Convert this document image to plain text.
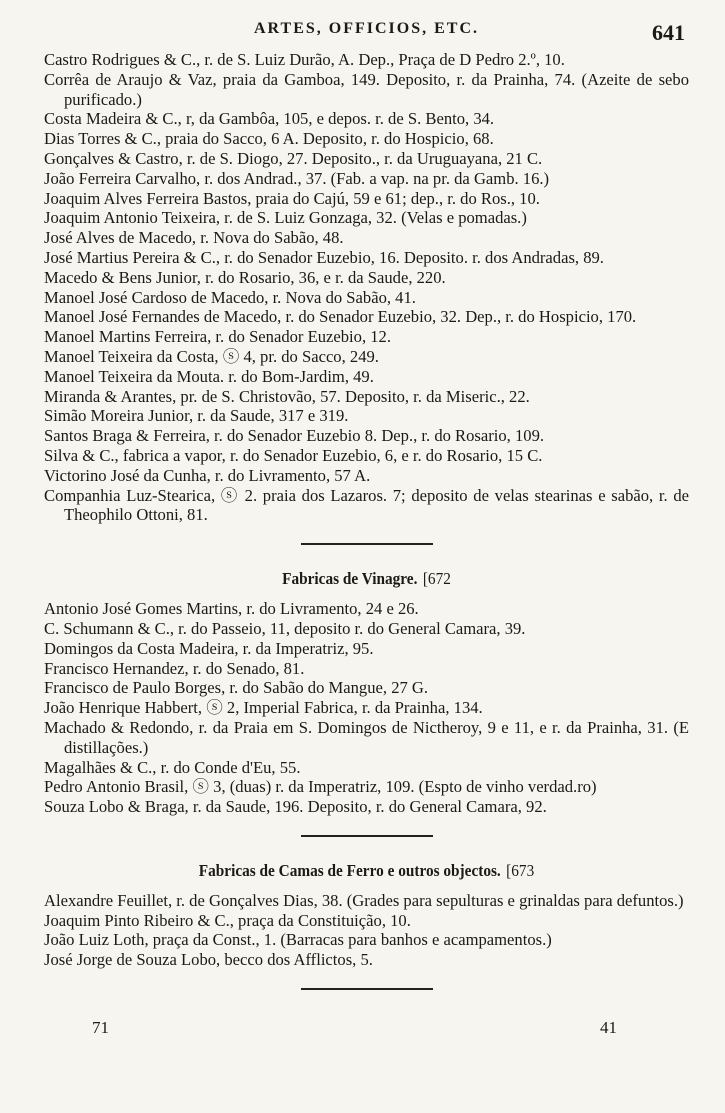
ARTES, OFFICIOS, ETC.	641
Castro Rodrigues & C., r. de S. Luiz Durão, A. Dep., Praça de D Pedro 2.º, 10.
Corrêa de Araujo & Vaz, praia da Gamboa, 149. Deposito, r. da Prainha, 74. (Azeite de sebo purificado.)
Costa Madeira & C., r, da Gambôa, 105, e depos. r. de S. Bento, 34.
Dias Torres & C., praia do Sacco, 6 A. Deposito, r. do Hospicio, 68.
Gonçalves & Castro, r. de S. Diogo, 27. Deposito., r. da Uruguayana, 21 C.
João Ferreira Carvalho, r. dos Andrad., 37. (Fab. a vap. na pr. da Gamb. 16.)
Joaquim Alves Ferreira Bastos, praia do Cajú, 59 e 61; dep., r. do Ros., 10.
Joaquim Antonio Teixeira, r. de S. Luiz Gonzaga, 32. (Velas e pomadas.)
José Alves de Macedo, r. Nova do Sabão, 48.
José Martius Pereira & C., r. do Senador Euzebio, 16. Deposito. r. dos Andradas, 89.
Macedo & Bens Junior, r. do Rosario, 36, e r. da Saude, 220.
Manoel José Cardoso de Macedo, r. Nova do Sabão, 41.
Manoel José Fernandes de Macedo, r. do Senador Euzebio, 32. Dep., r. do Hospicio, 170.
Manoel Martins Ferreira, r. do Senador Euzebio, 12.
Manoel Teixeira da Costa, ⓢ 4, pr. do Sacco, 249.
Manoel Teixeira da Mouta. r. do Bom-Jardim, 49.
Miranda & Arantes, pr. de S. Christovão, 57. Deposito, r. da Miseric., 22.
Simão Moreira Junior, r. da Saude, 317 e 319.
Santos Braga & Ferreira, r. do Senador Euzebio 8. Dep., r. do Rosario, 109.
Silva & C., fabrica a vapor, r. do Senador Euzebio, 6, e r. do Rosario, 15 C.
Victorino José da Cunha, r. do Livramento, 57 A.
Companhia Luz-Stearica, ⓢ 2. praia dos Lazaros. 7; deposito de velas stearinas e sabão, r. de Theophilo Ottoni, 81.
Fabricas de Vinagre. [672
Antonio José Gomes Martins, r. do Livramento, 24 e 26.
C. Schumann & C., r. do Passeio, 11, deposito r. do General Camara, 39.
Domingos da Costa Madeira, r. da Imperatriz, 95.
Francisco Hernandez, r. do Senado, 81.
Francisco de Paulo Borges, r. do Sabão do Mangue, 27 G.
João Henrique Habbert, ⓢ 2, Imperial Fabrica, r. da Prainha, 134.
Machado & Redondo, r. da Praia em S. Domingos de Nictheroy, 9 e 11, e r. da Prainha, 31. (E distillações.)
Magalhães & C., r. do Conde d'Eu, 55.
Pedro Antonio Brasil, ⓢ 3, (duas) r. da Imperatriz, 109. (Espto de vinho verdad.ro)
Souza Lobo & Braga, r. da Saude, 196. Deposito, r. do General Camara, 92.
Fabricas de Camas de Ferro e outros objectos. [673
Alexandre Feuillet, r. de Gonçalves Dias, 38. (Grades para sepulturas e grinaldas para defuntos.)
Joaquim Pinto Ribeiro & C., praça da Constituição, 10.
João Luiz Loth, praça da Const., 1. (Barracas para banhos e acampamentos.)
José Jorge de Souza Lobo, becco dos Afflictos, 5.
71	41
